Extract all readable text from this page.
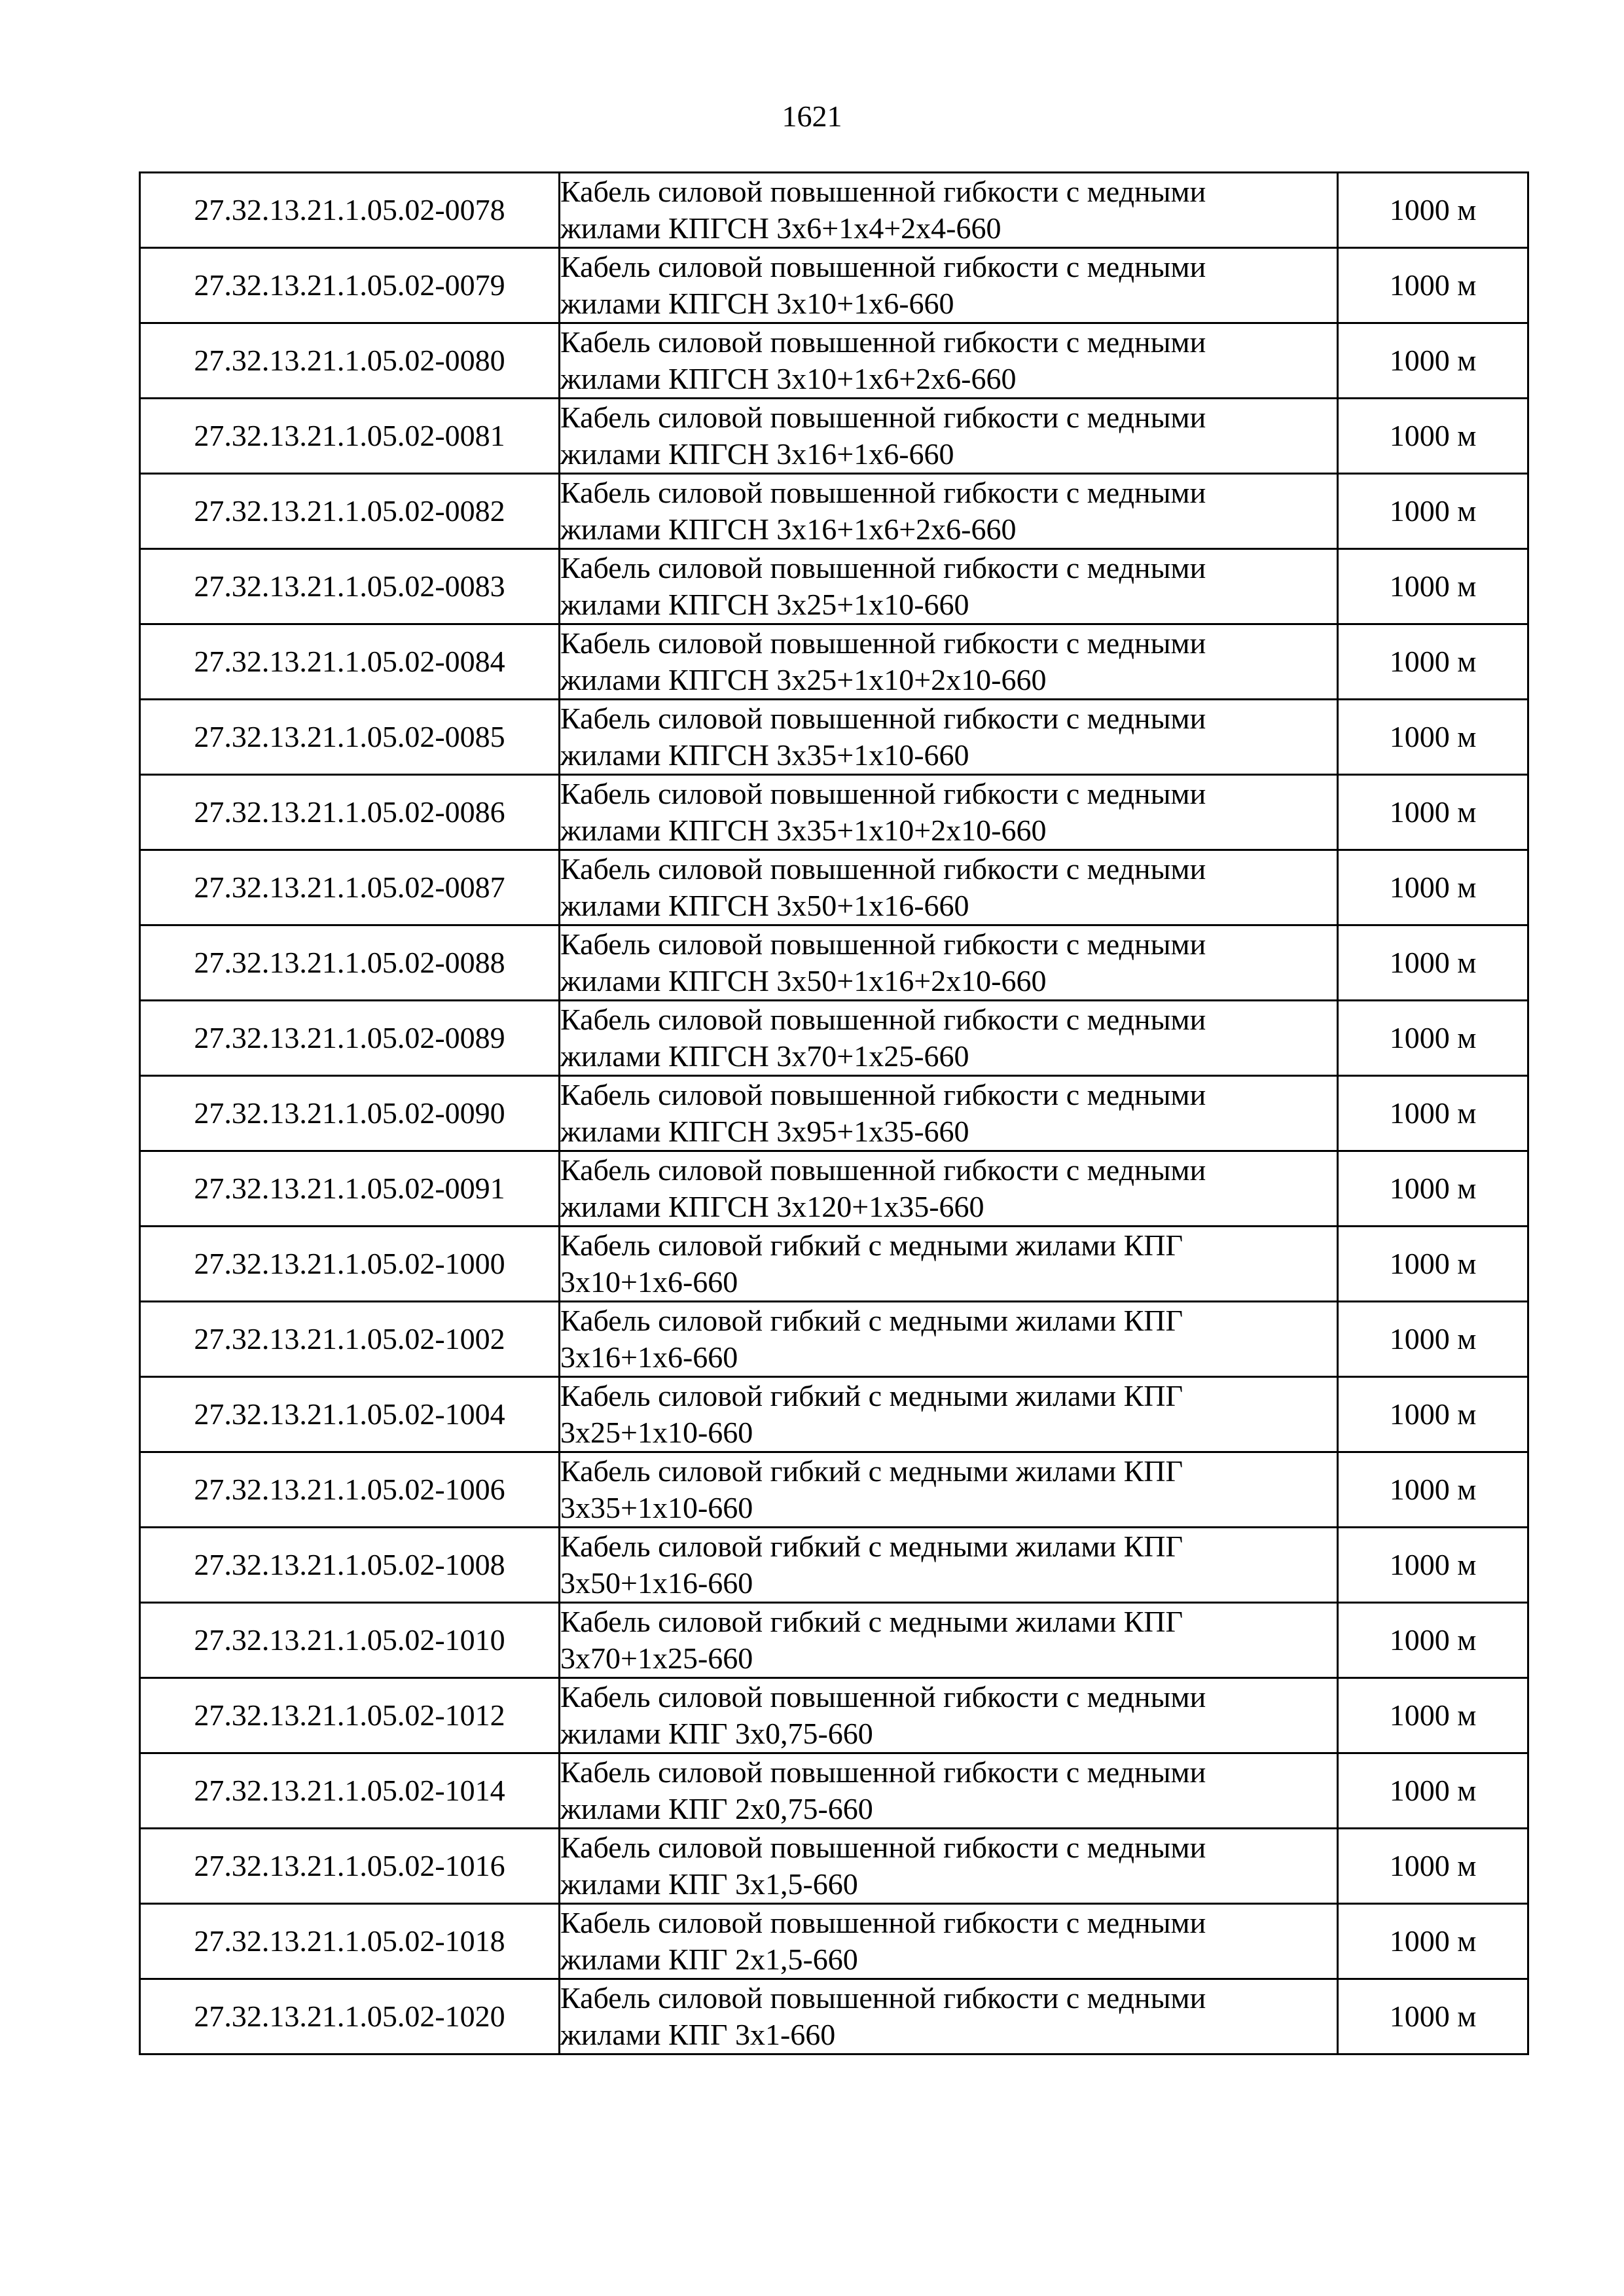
1621
27.32.13.21.1.05.02-0078	Кабель силовой повышенной гибкости с медными
жилами КПГСН 3х6+1х4+2х4-660	1000 м
27.32.13.21.1.05.02-0079	Кабель силовой повышенной гибкости с медными
жилами КПГСН 3х10+1х6-660	1000 м
27.32.13.21.1.05.02-0080	Кабель силовой повышенной гибкости с медными
жилами КПГСН 3х10+1х6+2х6-660	1000 м
27.32.13.21.1.05.02-0081	Кабель силовой повышенной гибкости с медными
жилами КПГСН 3х16+1х6-660	1000 м
27.32.13.21.1.05.02-0082	Кабель силовой повышенной гибкости с медными
жилами КПГСН 3х16+1х6+2х6-660	1000 м
27.32.13.21.1.05.02-0083	Кабель силовой повышенной гибкости с медными
жилами КПГСН 3х25+1х10-660	1000 м
27.32.13.21.1.05.02-0084	Кабель силовой повышенной гибкости с медными
жилами КПГСН 3х25+1х10+2х10-660	1000 м
27.32.13.21.1.05.02-0085	Кабель силовой повышенной гибкости с медными
жилами КПГСН 3х35+1х10-660	1000 м
27.32.13.21.1.05.02-0086	Кабель силовой повышенной гибкости с медными
жилами КПГСН 3х35+1х10+2х10-660	1000 м
27.32.13.21.1.05.02-0087	Кабель силовой повышенной гибкости с медными
жилами КПГСН 3х50+1х16-660	1000 м
27.32.13.21.1.05.02-0088	Кабель силовой повышенной гибкости с медными
жилами КПГСН 3х50+1х16+2х10-660	1000 м
27.32.13.21.1.05.02-0089	Кабель силовой повышенной гибкости с медными
жилами КПГСН 3х70+1х25-660	1000 м
27.32.13.21.1.05.02-0090	Кабель силовой повышенной гибкости с медными
жилами КПГСН 3х95+1х35-660	1000 м
27.32.13.21.1.05.02-0091	Кабель силовой повышенной гибкости с медными
жилами КПГСН 3х120+1х35-660	1000 м
27.32.13.21.1.05.02-1000	Кабель силовой гибкий с медными жилами КПГ
3х10+1х6-660	1000 м
27.32.13.21.1.05.02-1002	Кабель силовой гибкий с медными жилами КПГ
3х16+1х6-660	1000 м
27.32.13.21.1.05.02-1004	Кабель силовой гибкий с медными жилами КПГ
3х25+1х10-660	1000 м
27.32.13.21.1.05.02-1006	Кабель силовой гибкий с медными жилами КПГ
3х35+1х10-660	1000 м
27.32.13.21.1.05.02-1008	Кабель силовой гибкий с медными жилами КПГ
3х50+1х16-660	1000 м
27.32.13.21.1.05.02-1010	Кабель силовой гибкий с медными жилами КПГ
3х70+1х25-660	1000 м
27.32.13.21.1.05.02-1012	Кабель силовой повышенной гибкости с медными
жилами КПГ 3х0,75-660	1000 м
27.32.13.21.1.05.02-1014	Кабель силовой повышенной гибкости с медными
жилами КПГ 2х0,75-660	1000 м
27.32.13.21.1.05.02-1016	Кабель силовой повышенной гибкости с медными
жилами КПГ 3х1,5-660	1000 м
27.32.13.21.1.05.02-1018	Кабель силовой повышенной гибкости с медными
жилами КПГ 2х1,5-660	1000 м
27.32.13.21.1.05.02-1020	Кабель силовой повышенной гибкости с медными
жилами КПГ 3х1-660	1000 м
